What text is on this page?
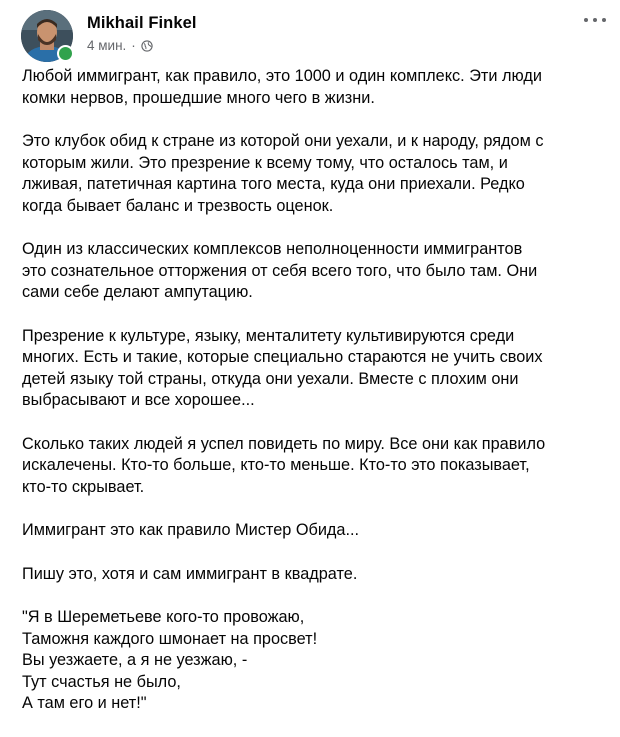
Mikhail Finkel
4 мин. ·

Любой иммигрант, как правило, это 1000 и один комплекс. Эти люди
комки нервов, прошедшие много чего в жизни.

Это клубок обид к стране из которой они уехали, и к народу, рядом с
которым жили. Это презрение к всему тому, что осталось там, и
лживая, патетичная картина того места, куда они приехали. Редко
когда бывает баланс и трезвость оценок.

Один из классических комплексов неполноценности иммигрантов
это сознательное отторжения от себя всего того, что было там. Они
сами себе делают ампутацию.

Презрение к культуре, языку, менталитету культивируются среди
многих. Есть и такие, которые специально стараются не учить своих
детей языку той страны, откуда они уехали. Вместе с плохим они
выбрасывают и все хорошее...

Сколько таких людей я успел повидеть по миру. Все они как правило
искалечены. Кто-то больше, кто-то меньше. Кто-то это показывает,
кто-то скрывает.

Иммигрант это как правило Мистер Обида...

Пишу это, хотя и сам иммигрант в квадрате.

"Я в Шереметьеве кого-то провожаю,
Таможня каждого шмонает на просвет!
Вы уезжаете, а я не уезжаю, -
Тут счастья не было,
А там его и нет!"
